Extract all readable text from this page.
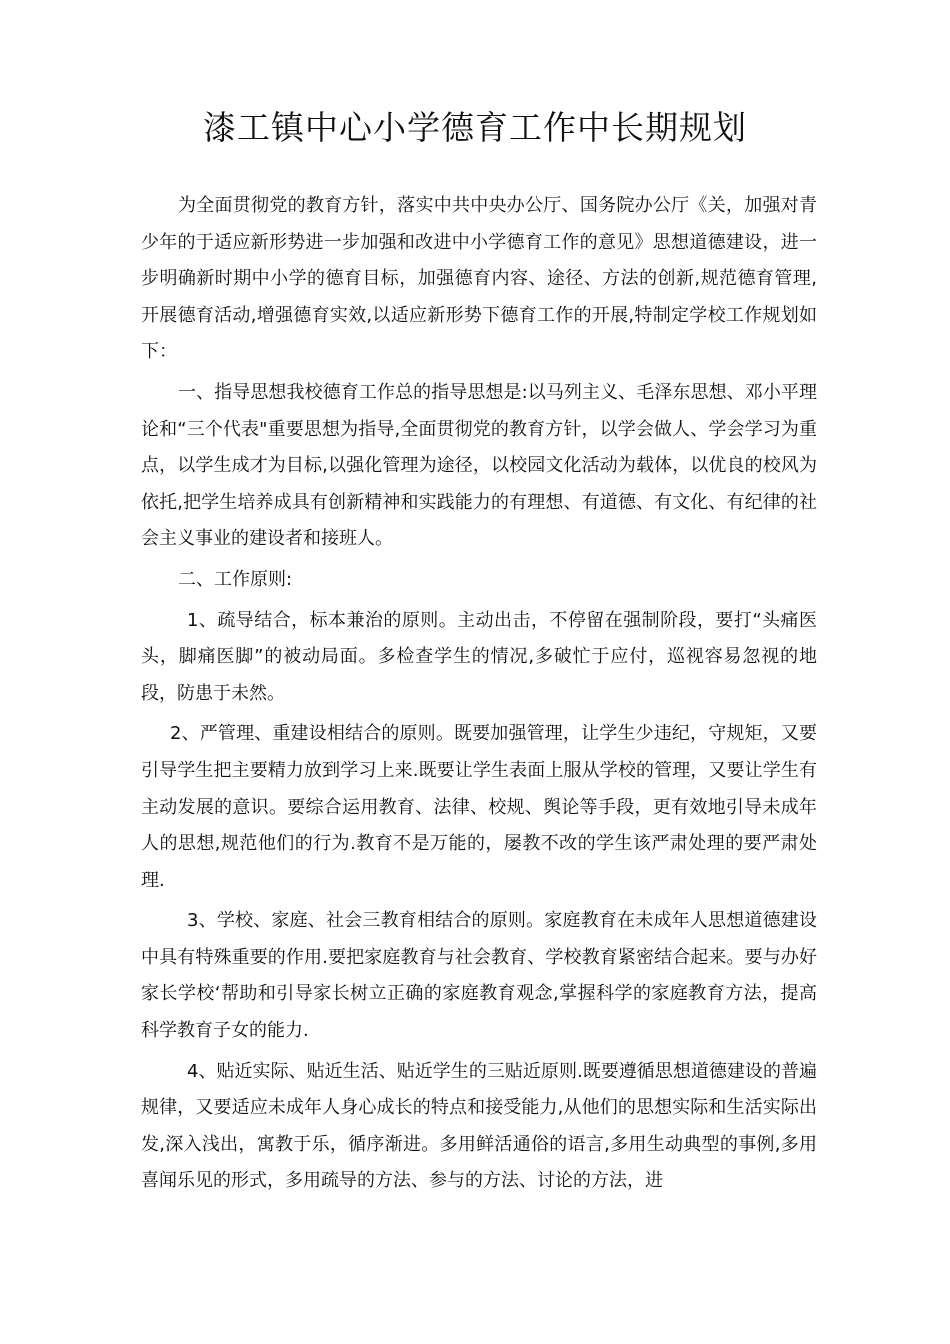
漆工镇中心小学德育工作中长期规划

为全面贯彻党的教育方针，落实中共中央办公厅、国务院办公厅《关，加强对青少年的于适应新形势进一步加强和改进中小学德育工作的意见》思想道德建设，进一步明确新时期中小学的德育目标，加强德育内容、途径、方法的创新,规范德育管理,开展德育活动,增强德育实效,以适应新形势下德育工作的开展,特制定学校工作规划如下：

一、指导思想我校德育工作总的指导思想是:以马列主义、毛泽东思想、邓小平理论和“三个代表"重要思想为指导,全面贯彻党的教育方针，以学会做人、学会学习为重点，以学生成才为目标,以强化管理为途径，以校园文化活动为载体，以优良的校风为依托,把学生培养成具有创新精神和实践能力的有理想、有道德、有文化、有纪律的社会主义事业的建设者和接班人。

二、工作原则:

1、疏导结合，标本兼治的原则。主动出击，不停留在强制阶段，要打“头痛医头，脚痛医脚”的被动局面。多检查学生的情况,多破忙于应付，巡视容易忽视的地段，防患于未然。

2、严管理、重建设相结合的原则。既要加强管理，让学生少违纪，守规矩，又要引导学生把主要精力放到学习上来.既要让学生表面上服从学校的管理，又要让学生有主动发展的意识。要综合运用教育、法律、校规、舆论等手段，更有效地引导未成年人的思想,规范他们的行为.教育不是万能的，屡教不改的学生该严肃处理的要严肃处理.

3、学校、家庭、社会三教育相结合的原则。家庭教育在未成年人思想道德建设中具有特殊重要的作用.要把家庭教育与社会教育、学校教育紧密结合起来。要与办好家长学校‘帮助和引导家长树立正确的家庭教育观念,掌握科学的家庭教育方法，提高科学教育子女的能力.

4、贴近实际、贴近生活、贴近学生的三贴近原则.既要遵循思想道德建设的普遍规律，又要适应未成年人身心成长的特点和接受能力,从他们的思想实际和生活实际出发,深入浅出，寓教于乐，循序渐进。多用鲜活通俗的语言,多用生动典型的事例,多用喜闻乐见的形式，多用疏导的方法、参与的方法、讨论的方法，进
